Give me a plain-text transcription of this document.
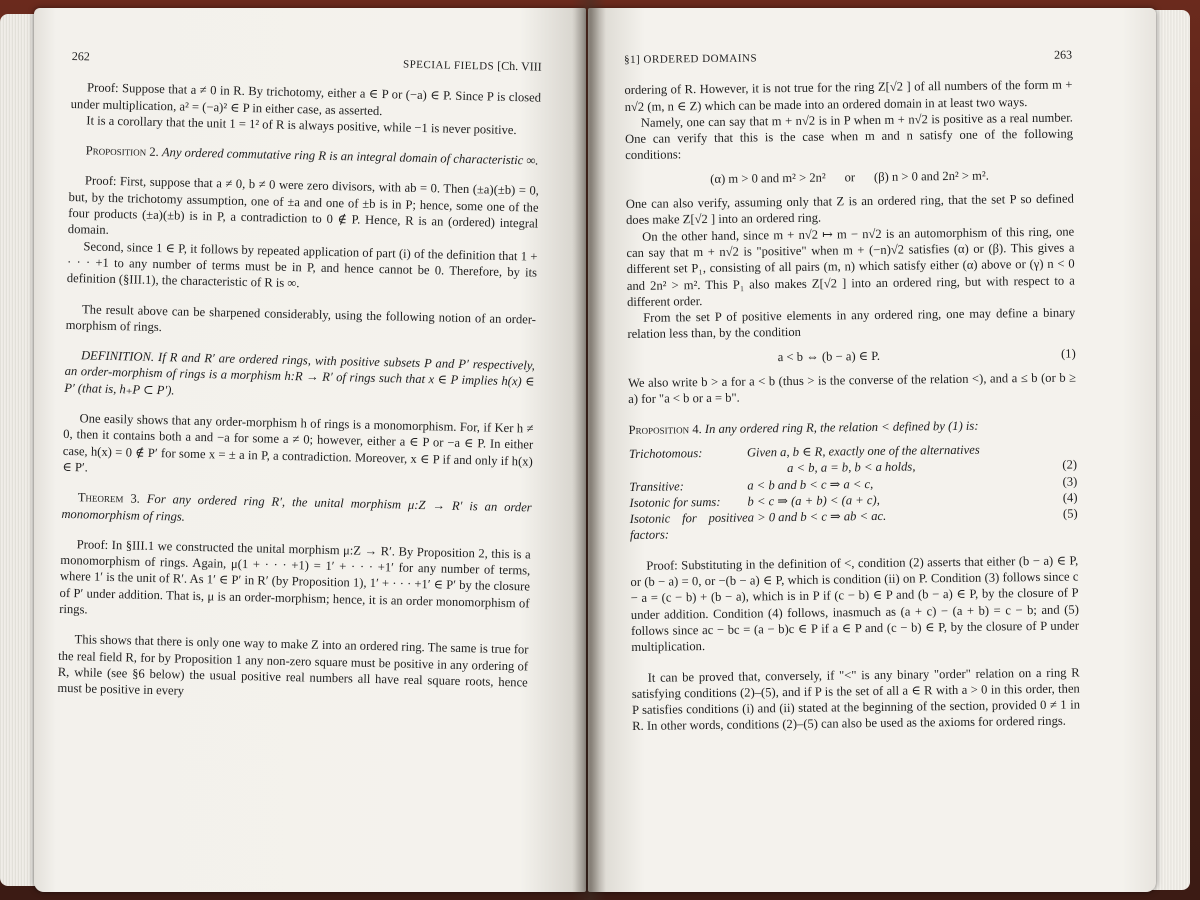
262
SPECIAL FIELDS [Ch. VIII

Proof: Suppose that a ≠ 0 in R. By trichotomy, either a ∈ P or (−a) ∈ P. Since P is closed under multiplication, a² = (−a)² ∈ P in either case, as asserted.

It is a corollary that the unit 1 = 1² of R is always positive, while −1 is never positive.

Proposition 2. Any ordered commutative ring R is an integral domain of characteristic ∞.

Proof: First, suppose that a ≠ 0, b ≠ 0 were zero divisors, with ab = 0. Then (±a)(±b) = 0, but, by the trichotomy assumption, one of ±a and one of ±b is in P; hence, some one of the four products (±a)(±b) is in P, a contradiction to 0 ∉ P. Hence, R is an (ordered) integral domain.

Second, since 1 ∈ P, it follows by repeated application of part (i) of the definition that 1 + · · · +1 to any number of terms must be in P, and hence cannot be 0. Therefore, by its definition (§III.1), the characteristic of R is ∞.

The result above can be sharpened considerably, using the following notion of an order-morphism of rings.

DEFINITION. If R and R′ are ordered rings, with positive subsets P and P′ respectively, an order-morphism of rings is a morphism h:R → R′ of rings such that x ∈ P implies h(x) ∈ P′ (that is, h₊P ⊂ P′).

One easily shows that any order-morphism h of rings is a monomorphism. For, if Ker h ≠ 0, then it contains both a and −a for some a ≠ 0; however, either a ∈ P or −a ∈ P. In either case, h(x) = 0 ∉ P′ for some x = ± a in P, a contradiction. Moreover, x ∈ P if and only if h(x) ∈ P′.

Theorem 3. For any ordered ring R′, the unital morphism μ:Z → R′ is an order monomorphism of rings.

Proof: In §III.1 we constructed the unital morphism μ:Z → R′. By Proposition 2, this is a monomorphism of rings. Again, μ(1 + · · · +1) = 1′ + · · · +1′ for any number of terms, where 1′ is the unit of R′. As 1′ ∈ P′ in R′ (by Proposition 1), 1′ + · · · +1′ ∈ P′ by the closure of P′ under addition. That is, μ is an order-morphism; hence, it is an order monomorphism of rings.

This shows that there is only one way to make Z into an ordered ring. The same is true for the real field R, for by Proposition 1 any non-zero square must be positive in any ordering of R, while (see §6 below) the usual positive real numbers all have real square roots, hence must be positive in every

§1] ORDERED DOMAINS	263

ordering of R. However, it is not true for the ring Z[√2 ] of all numbers of the form m + n√2 (m, n ∈ Z) which can be made into an ordered domain in at least two ways.

Namely, one can say that m + n√2 is in P when m + n√2 is positive as a real number. One can verify that this is the case when m and n satisfy one of the following conditions:

(α) m > 0 and m² > 2n² or (β) n > 0 and 2n² > m².

One can also verify, assuming only that Z is an ordered ring, that the set P so defined does make Z[√2 ] into an ordered ring.

On the other hand, since m + n√2 ↦ m − n√2 is an automorphism of this ring, one can say that m + n√2 is "positive" when m + (−n)√2 satisfies (α) or (β). This gives a different set P₁, consisting of all pairs (m, n) which satisfy either (α) above or (γ) n < 0 and 2n² > m². This P₁ also makes Z[√2 ] into an ordered ring, but with respect to a different order.

From the set P of positive elements in any ordered ring, one may define a binary relation less than, by the condition

a < b ⇔ (b − a) ∈ P.	(1)

We also write b > a for a < b (thus > is the converse of the relation <), and a ≤ b (or b ≥ a) for "a < b or a = b".

Proposition 4. In any ordered ring R, the relation < defined by (1) is:

Trichotomous:	Given a, b ∈ R, exactly one of the alternatives
a < b, a = b, b < a holds,	(2)
Transitive:	a < b and b < c ⇒ a < c,	(3)
Isotonic for sums:	b < c ⇒ (a + b) < (a + c),	(4)
Isotonic for positive factors:
a > 0 and b < c ⇒ ab < ac.	(5)

Proof: Substituting in the definition of <, condition (2) asserts that either (b − a) ∈ P, or (b − a) = 0, or −(b − a) ∈ P, which is condition (ii) on P. Condition (3) follows since c − a = (c − b) + (b − a), which is in P if (c − b) ∈ P and (b − a) ∈ P, by the closure of P under addition. Condition (4) follows, inasmuch as (a + c) − (a + b) = c − b; and (5) follows since ac − bc = (a − b)c ∈ P if a ∈ P and (c − b) ∈ P, by the closure of P under multiplication.

It can be proved that, conversely, if "<" is any binary "order" relation on a ring R satisfying conditions (2)–(5), and if P is the set of all a ∈ R with a > 0 in this order, then P satisfies conditions (i) and (ii) stated at the beginning of the section, provided 0 ≠ 1 in R. In other words, conditions (2)–(5) can also be used as the axioms for ordered rings.
